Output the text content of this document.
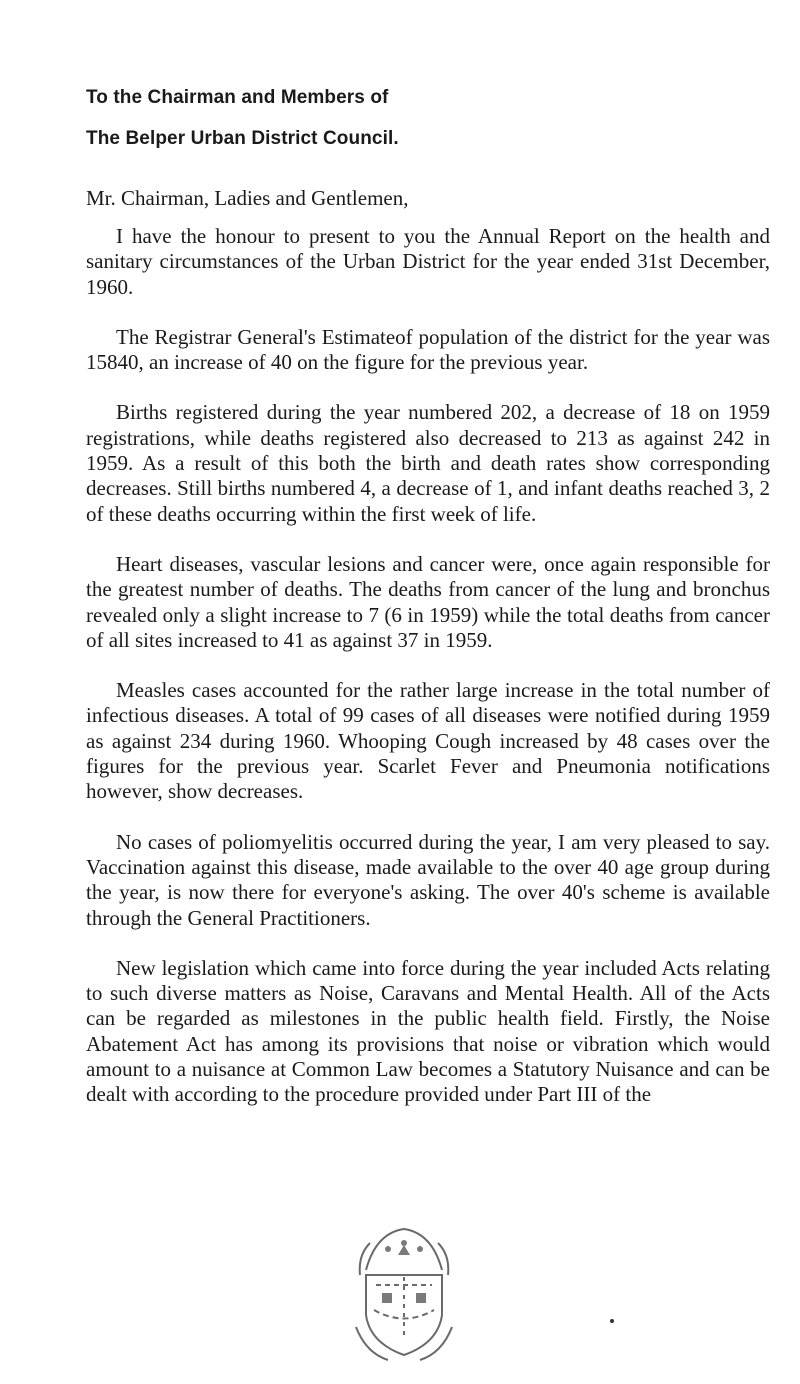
To the Chairman and Members of
The Belper Urban District Council.
Mr. Chairman, Ladies and Gentlemen,

I have the honour to present to you the Annual Report on the health and sanitary circumstances of the Urban District for the year ended 31st December, 1960.

The Registrar General's Estimateof population of the district for the year was 15840, an increase of 40 on the figure for the previous year.

Births registered during the year numbered 202, a decrease of 18 on 1959 registrations, while deaths registered also decreased to 213 as against 242 in 1959. As a result of this both the birth and death rates show corresponding decreases. Still births numbered 4, a decrease of 1, and infant deaths reached 3, 2 of these deaths occurring within the first week of life.

Heart diseases, vascular lesions and cancer were, once again responsible for the greatest number of deaths. The deaths from cancer of the lung and bronchus revealed only a slight increase to 7 (6 in 1959) while the total deaths from cancer of all sites increased to 41 as against 37 in 1959.

Measles cases accounted for the rather large increase in the total number of infectious diseases. A total of 99 cases of all diseases were notified during 1959 as against 234 during 1960. Whooping Cough increased by 48 cases over the figures for the previous year. Scarlet Fever and Pneumonia notifications however, show decreases.

No cases of poliomyelitis occurred during the year, I am very pleased to say. Vaccination against this disease, made available to the over 40 age group during the year, is now there for everyone's asking. The over 40's scheme is available through the General Practitioners.

New legislation which came into force during the year included Acts relating to such diverse matters as Noise, Caravans and Mental Health. All of the Acts can be regarded as milestones in the public health field. Firstly, the Noise Abatement Act has among its provisions that noise or vibration which would amount to a nuisance at Common Law becomes a Statutory Nuisance and can be dealt with according to the procedure provided under Part III of the
